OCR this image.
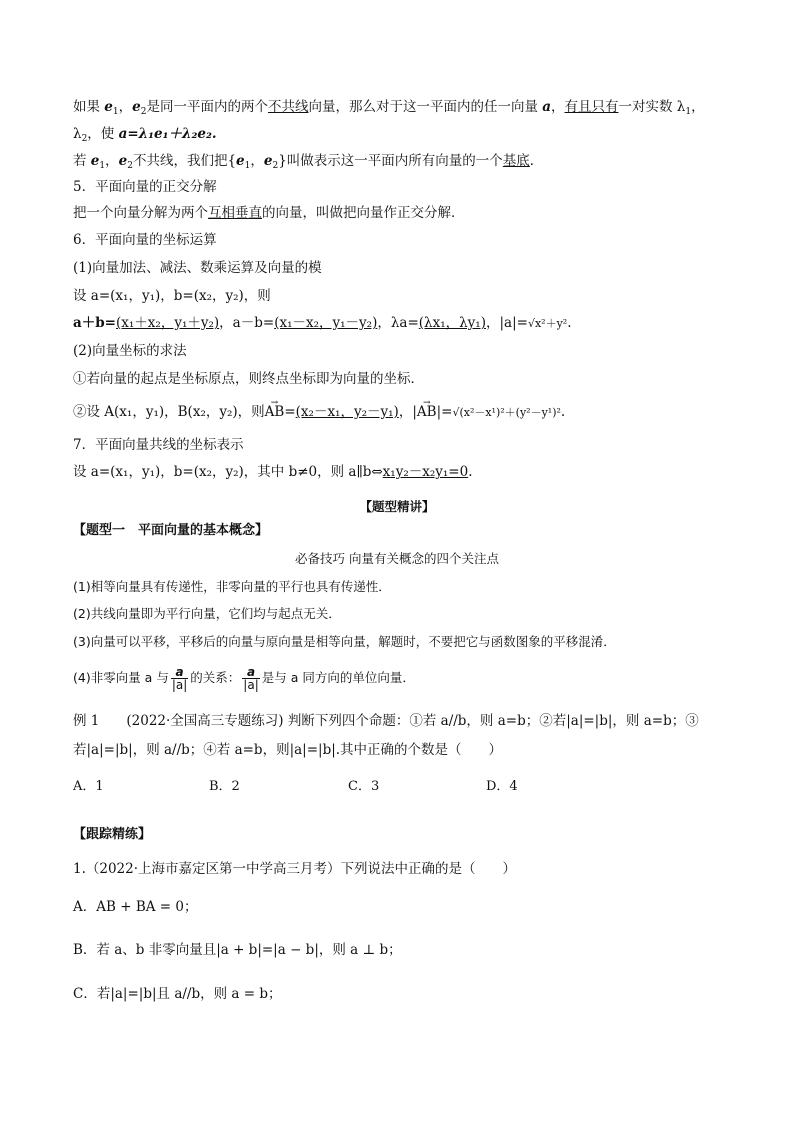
如果 $e_1$，$e_2$是同一平面内的两个不共线向量，那么对于这一平面内的任一向量 a，有且只有一对实数 $\lambda_1$，
$\lambda_2$，使 a=λ₁e₁＋λ₂e₂.
若 $e_1$，$e_2$不共线，我们把{$e_1$，$e_2$}叫做表示这一平面内所有向量的一个基底．
5．平面向量的正交分解
把一个向量分解为两个互相垂直的向量，叫做把向量作正交分解．
6．平面向量的坐标运算
(1)向量加法、减法、数乘运算及向量的模
设 a=(x₁，y₁)，b=(x₂，y₂)，则
a＋b=(x₁＋x₂，y₁＋y₂)，a－b=(x₁－x₂，y₁－y₂)，λa=(λx₁，λy₁)，|a|=√x²＋y².
(2)向量坐标的求法
①若向量的起点是坐标原点，则终点坐标即为向量的坐标．
②设 A(x₁，y₁)，B(x₂，y₂)，则→ AB=(x₂－x₁，y₂－y₁)，|→ AB|=√(x²－x¹)²＋(y²－y¹)².
7．平面向量共线的坐标表示
设 a=(x₁，y₁)，b=(x₂，y₂)，其中 b≠0，则 a∥b⇔x₁y₂－x₂y₁=0.
【题型精讲】
【题型一　平面向量的基本概念】
必备技巧 向量有关概念的四个关注点
(1)相等向量具有传递性，非零向量的平行也具有传递性．
(2)共线向量即为平行向量，它们均与起点无关．
(3)向量可以平移，平移后的向量与原向量是相等向量，解题时，不要把它与函数图象的平移混淆．
(4)非零向量 a 与 $\frac{a}{|a|}$ 的关系： $\frac{a}{|a|}$ 是与 a 同方向的单位向量．
例 1　　(2022·全国高三专题练习) 判断下列四个命题：①若 a//b，则 a=b；②若|a|=|b|，则 a=b；③
若|a|=|b|，则 a//b；④若 a=b，则|a|=|b|.其中正确的个数是（　　）
A．1	B．2	C．3	D．4
【跟踪精练】
1.（2022·上海市嘉定区第一中学高三月考）下列说法中正确的是（　　）
A．AB + BA = 0；
B．若 a、b 非零向量且|a + b|=|a − b|，则 a ⊥ b；
C．若|a|=|b|且 a//b，则 a = b；
